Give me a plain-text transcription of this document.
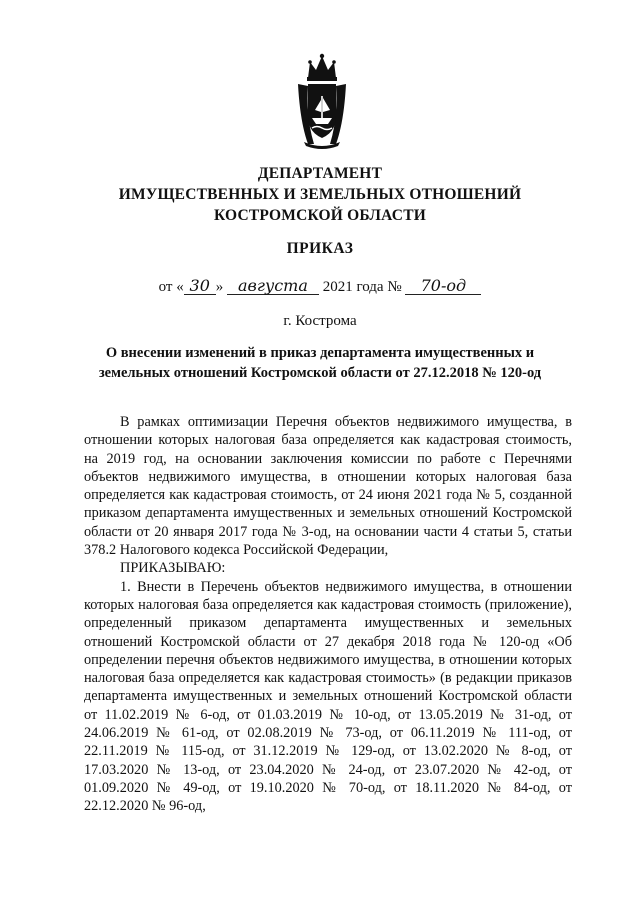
ДЕПАРТАМЕНТ
ИМУЩЕСТВЕННЫХ И ЗЕМЕЛЬНЫХ ОТНОШЕНИЙ
КОСТРОМСКОЙ ОБЛАСТИ
ПРИКАЗ
от « 30 » августа 2021 года № 70-од
г. Кострома
О внесении изменений в приказ департамента имущественных и
земельных отношений Костромской области от 27.12.2018 № 120-од

В рамках оптимизации Перечня объектов недвижимого имущества, в отношении которых налоговая база определяется как кадастровая стоимость, на 2019 год, на основании заключения комиссии по работе с Перечнями объектов недвижимого имущества, в отношении которых налоговая база определяется как кадастровая стоимость, от 24 июня 2021 года № 5, созданной приказом департамента имущественных и земельных отношений Костромской области от 20 января 2017 года № 3-од, на основании части 4 статьи 5, статьи 378.2 Налогового кодекса Российской Федерации,

ПРИКАЗЫВАЮ:

1. Внести в Перечень объектов недвижимого имущества, в отношении которых налоговая база определяется как кадастровая стоимость (приложение), определенный приказом департамента имущественных и земельных отношений Костромской области от 27 декабря 2018 года № 120-од «Об определении перечня объектов недвижимого имущества, в отношении которых налоговая база определяется как кадастровая стоимость» (в редакции приказов департамента имущественных и земельных отношений Костромской области от 11.02.2019 № 6-од, от 01.03.2019 № 10-од, от 13.05.2019 № 31-од, от 24.06.2019 № 61-од, от 02.08.2019 № 73-од, от 06.11.2019 № 111-од, от 22.11.2019 № 115-од, от 31.12.2019 № 129-од, от 13.02.2020 № 8-од, от 17.03.2020 № 13-од, от 23.04.2020 № 24-од, от 23.07.2020 № 42-од, от 01.09.2020 № 49-од, от 19.10.2020 № 70-од, от 18.11.2020 № 84-од, от 22.12.2020 № 96-од,
